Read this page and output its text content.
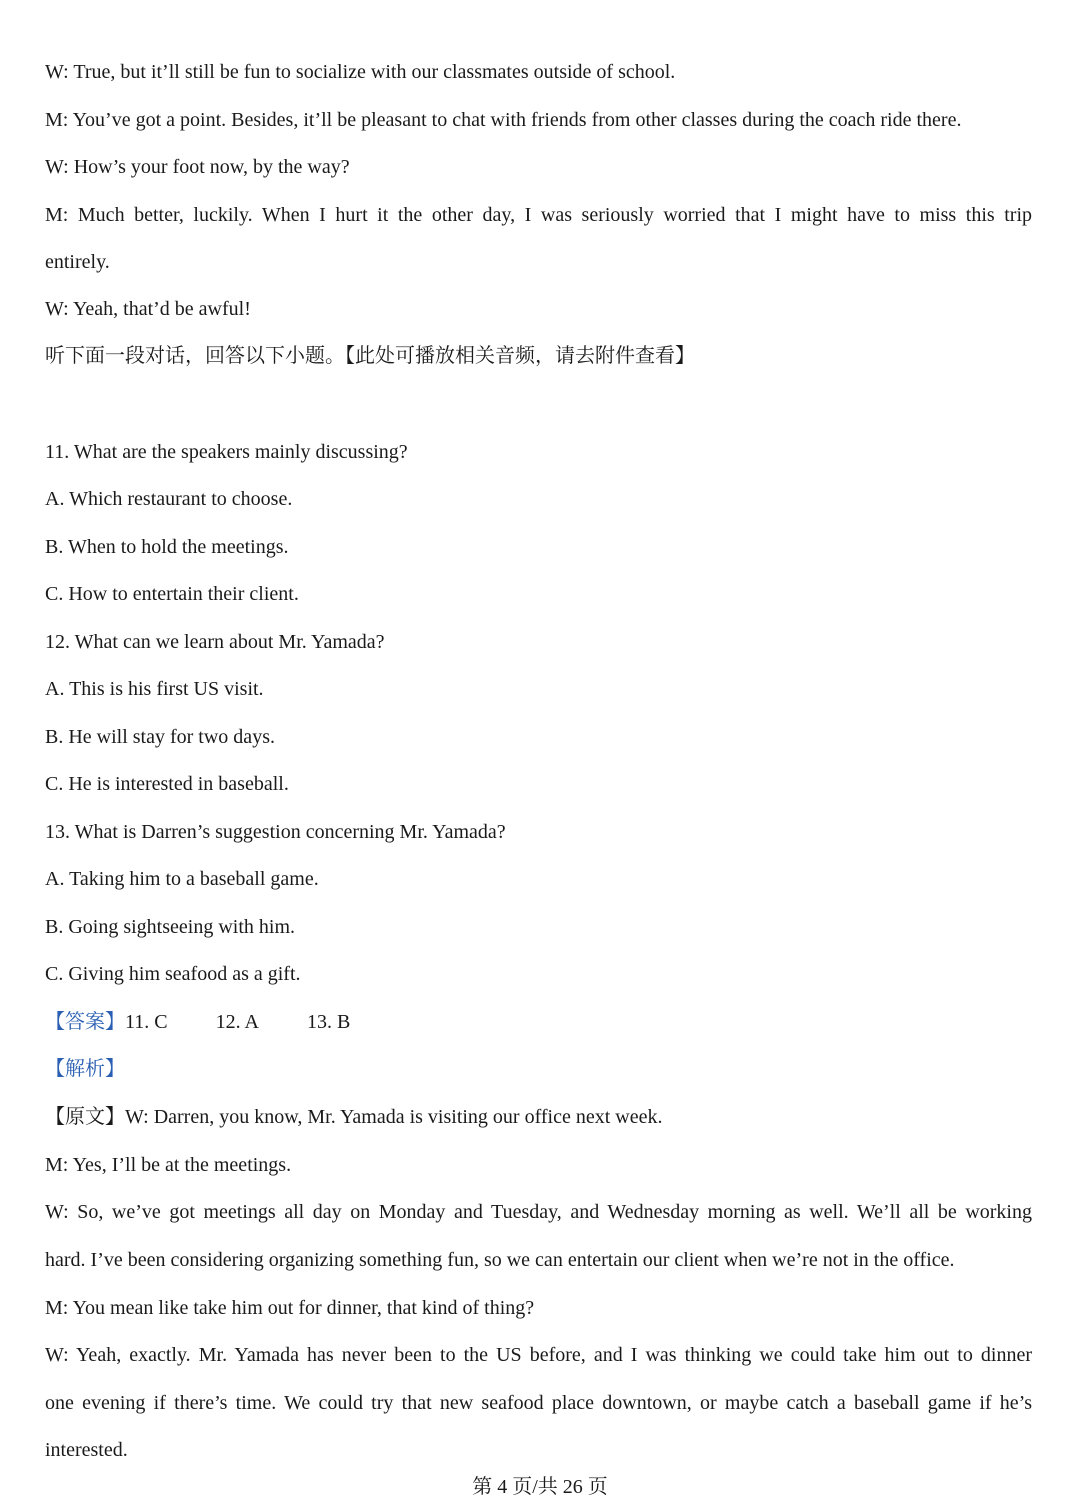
W: True, but it’ll still be fun to socialize with our classmates outside of school.
M: You’ve got a point. Besides, it’ll be pleasant to chat with friends from other classes during the coach ride there.
W: How’s your foot now, by the way?
M: Much better, luckily. When I hurt it the other day, I was seriously worried that I might have to miss this trip
entirely.
W: Yeah, that’d be awful!
听下面一段对话，回答以下小题。【此处可播放相关音频，请去附件查看】
11. What are the speakers mainly discussing?
A. Which restaurant to choose.
B. When to hold the meetings.
C. How to entertain their client.
12. What can we learn about Mr. Yamada?
A. This is his first US visit.
B. He will stay for two days.
C. He is interested in baseball.
13. What is Darren’s suggestion concerning Mr. Yamada?
A. Taking him to a baseball game.
B. Going sightseeing with him.
C. Giving him seafood as a gift.
【答案】11. C 12. A 13. B
【解析】
【原文】W: Darren, you know, Mr. Yamada is visiting our office next week.
M: Yes, I’ll be at the meetings.
W: So, we’ve got meetings all day on Monday and Tuesday, and Wednesday morning as well. We’ll all be working
hard. I’ve been considering organizing something fun, so we can entertain our client when we’re not in the office.
M: You mean like take him out for dinner, that kind of thing?
W: Yeah, exactly. Mr. Yamada has never been to the US before, and I was thinking we could take him out to dinner
one evening if there’s time. We could try that new seafood place downtown, or maybe catch a baseball game if he’s
interested.
第 4 页/共 26 页
